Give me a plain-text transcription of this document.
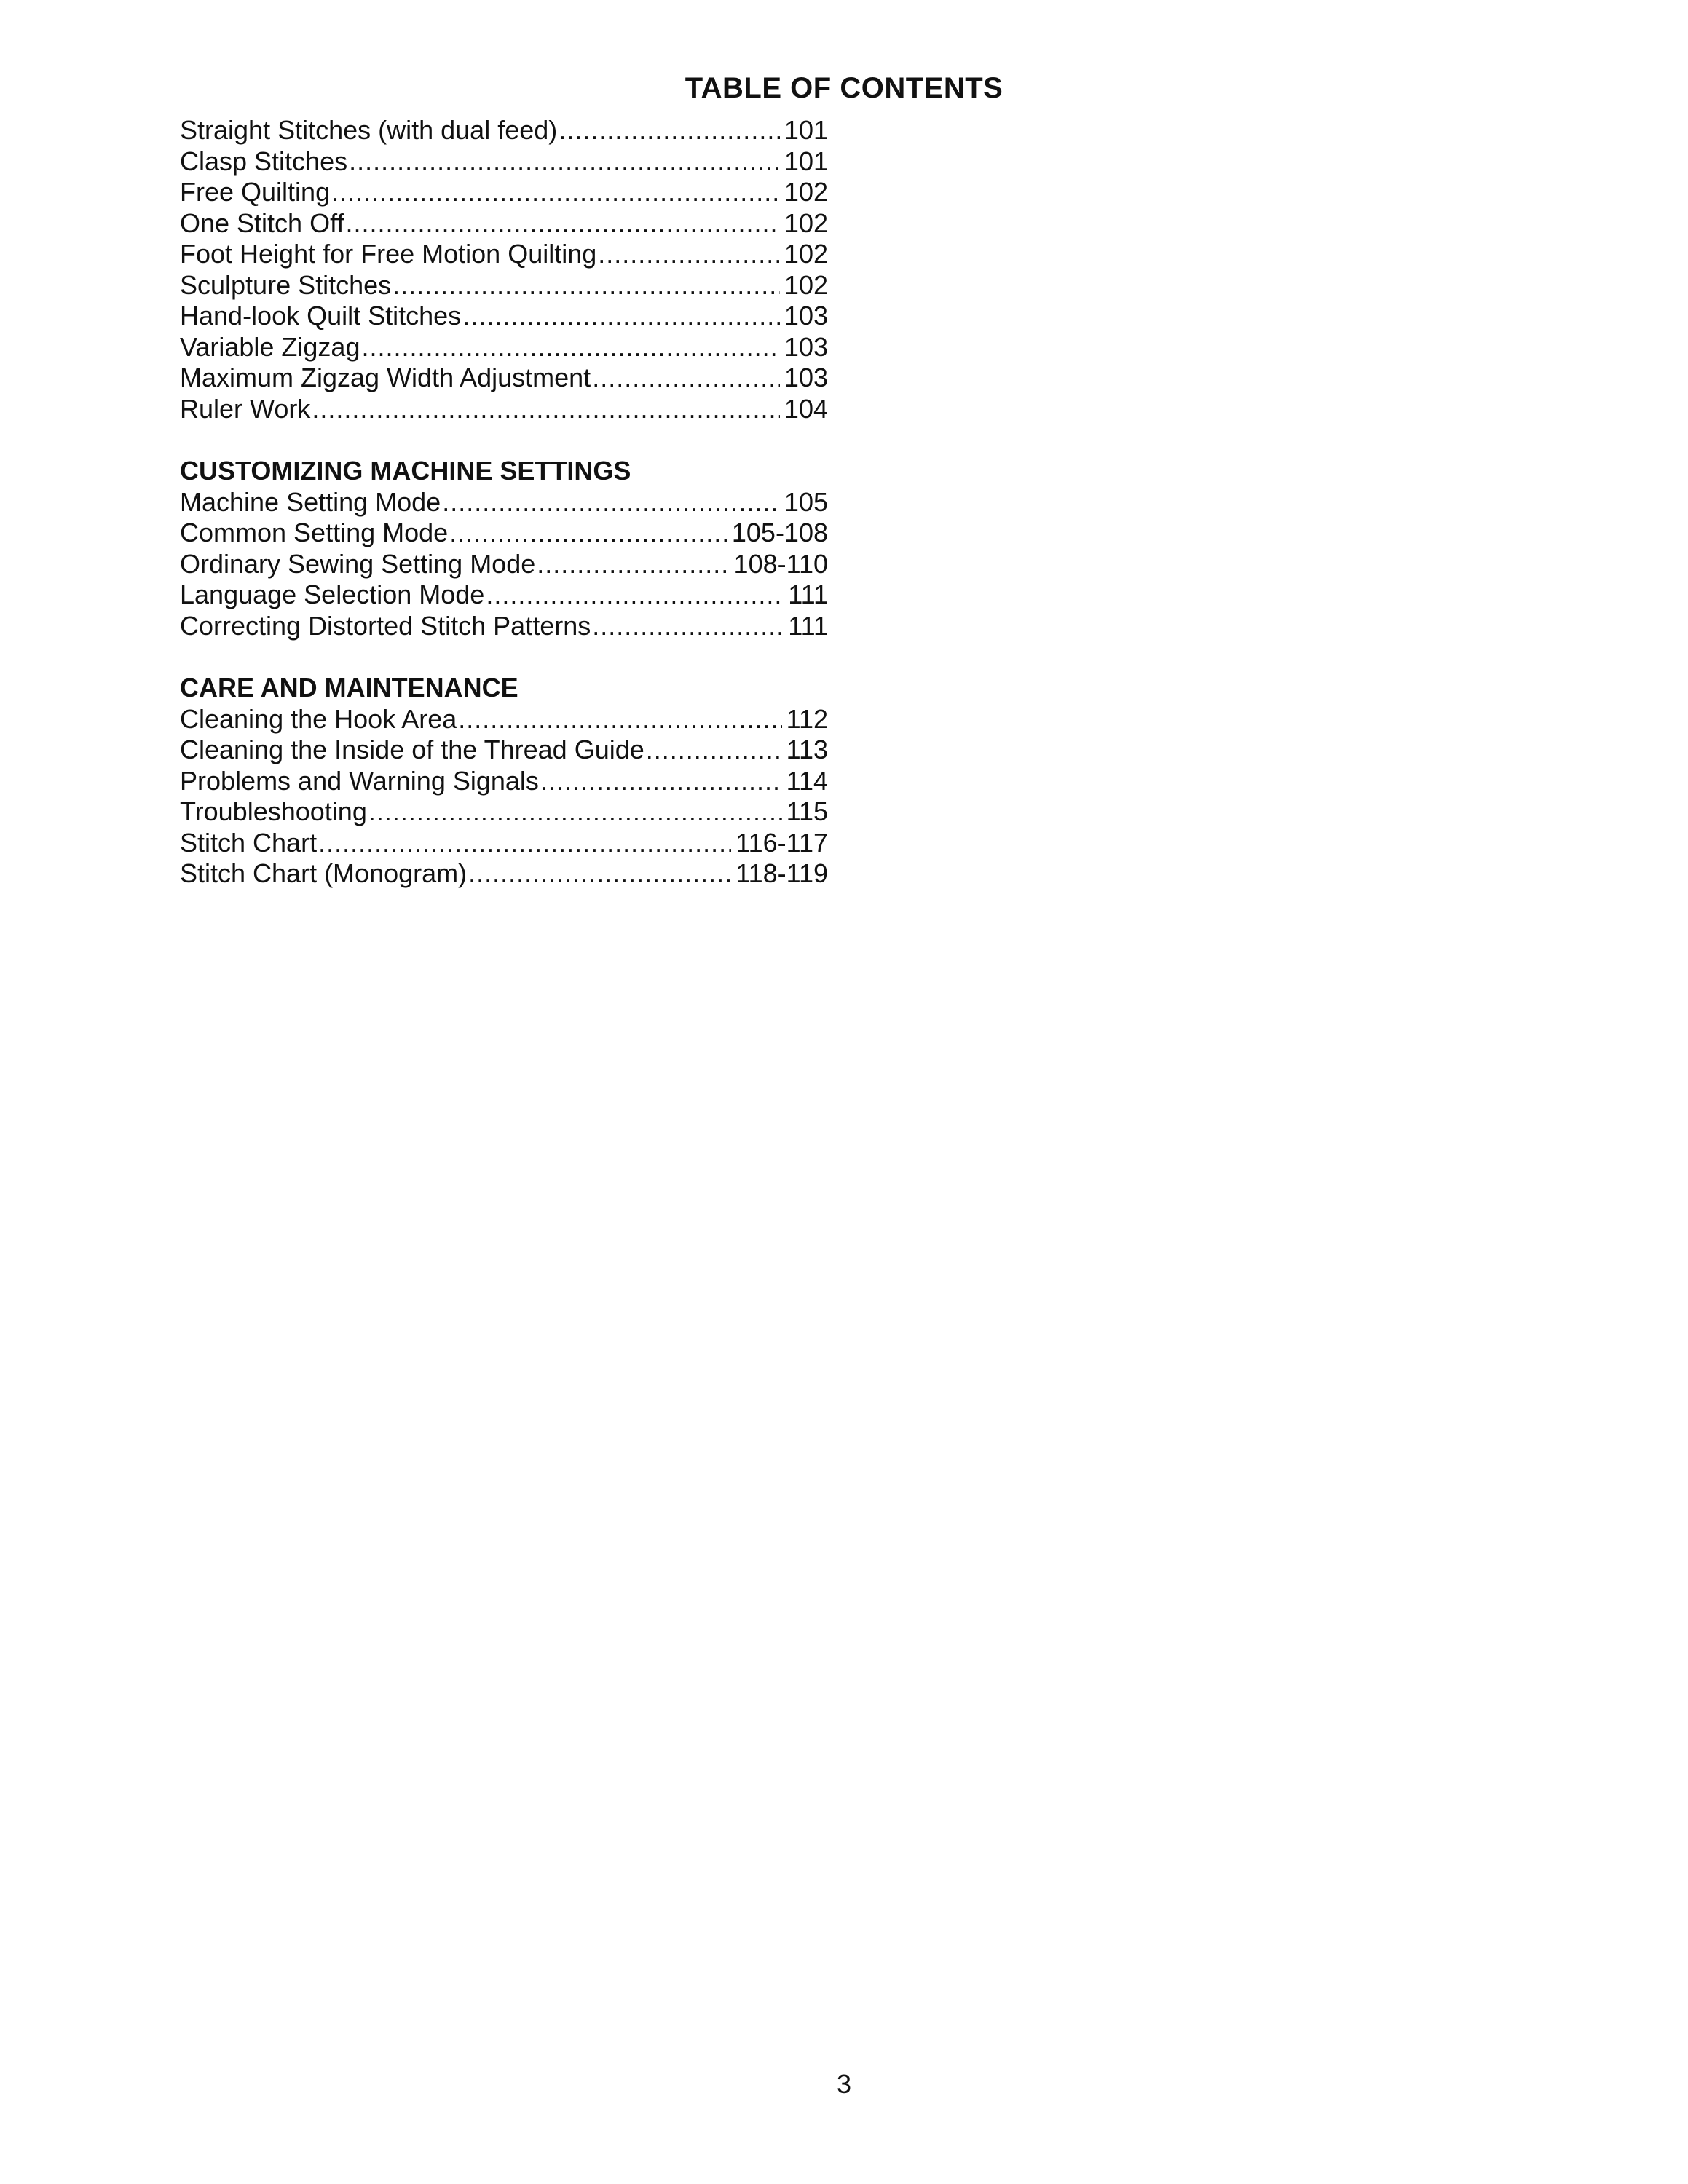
TABLE OF CONTENTS
Straight Stitches (with dual feed) .....	101
Clasp Stitches .....	101
Free Quilting .....	102
One Stitch Off .....	102
Foot Height for Free Motion Quilting .....	102
Sculpture Stitches .....	102
Hand-look Quilt Stitches .....	103
Variable Zigzag .....	103
Maximum Zigzag Width Adjustment .....	103
Ruler Work .....	104
CUSTOMIZING MACHINE SETTINGS
Machine Setting Mode .....	105
Common Setting Mode .....	105-108
Ordinary Sewing Setting Mode .....	108-110
Language Selection Mode .....	111
Correcting Distorted Stitch Patterns .....	111
CARE AND MAINTENANCE
Cleaning the Hook Area .....	112
Cleaning the Inside of the Thread Guide .....	113
Problems and Warning Signals .....	114
Troubleshooting .....	115
Stitch Chart .....	116-117
Stitch Chart (Monogram) .....	118-119
3
